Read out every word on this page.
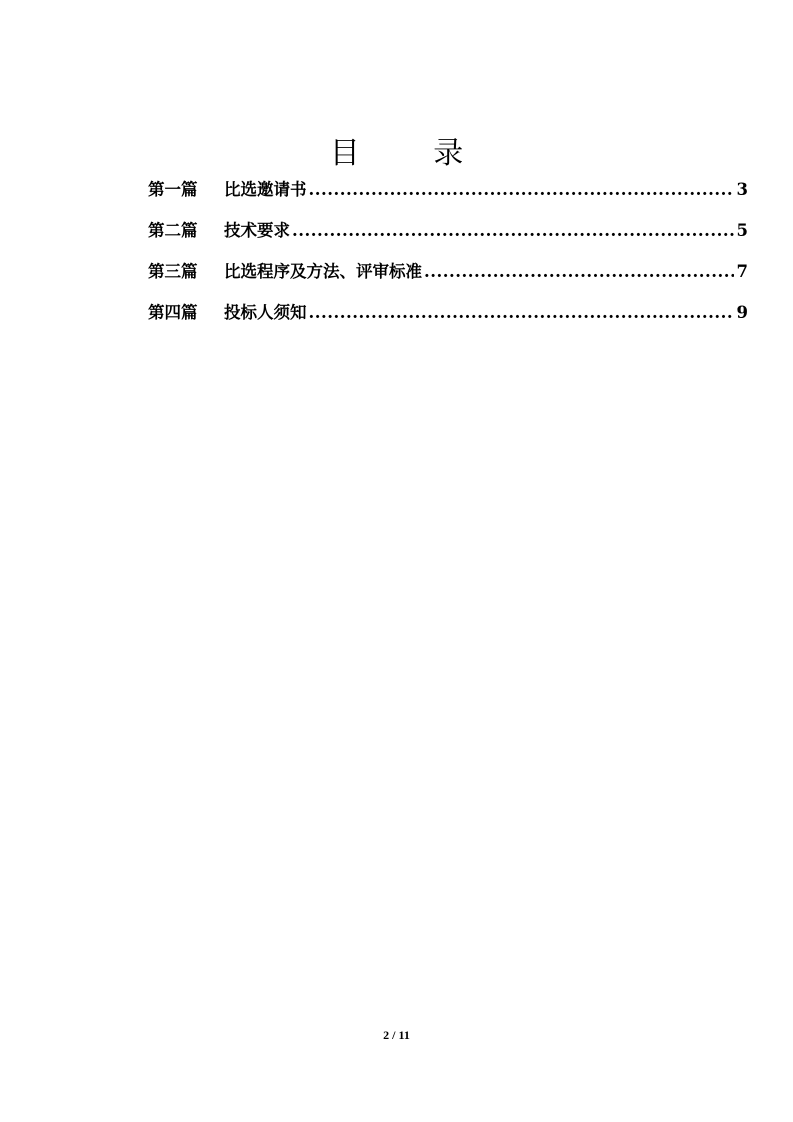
目 录
第一篇	比选邀请书 .....	3
第二篇	技术要求 .....	5
第三篇	比选程序及方法、评审标准 .....	7
第四篇	投标人须知 .....	9
2 / 11
